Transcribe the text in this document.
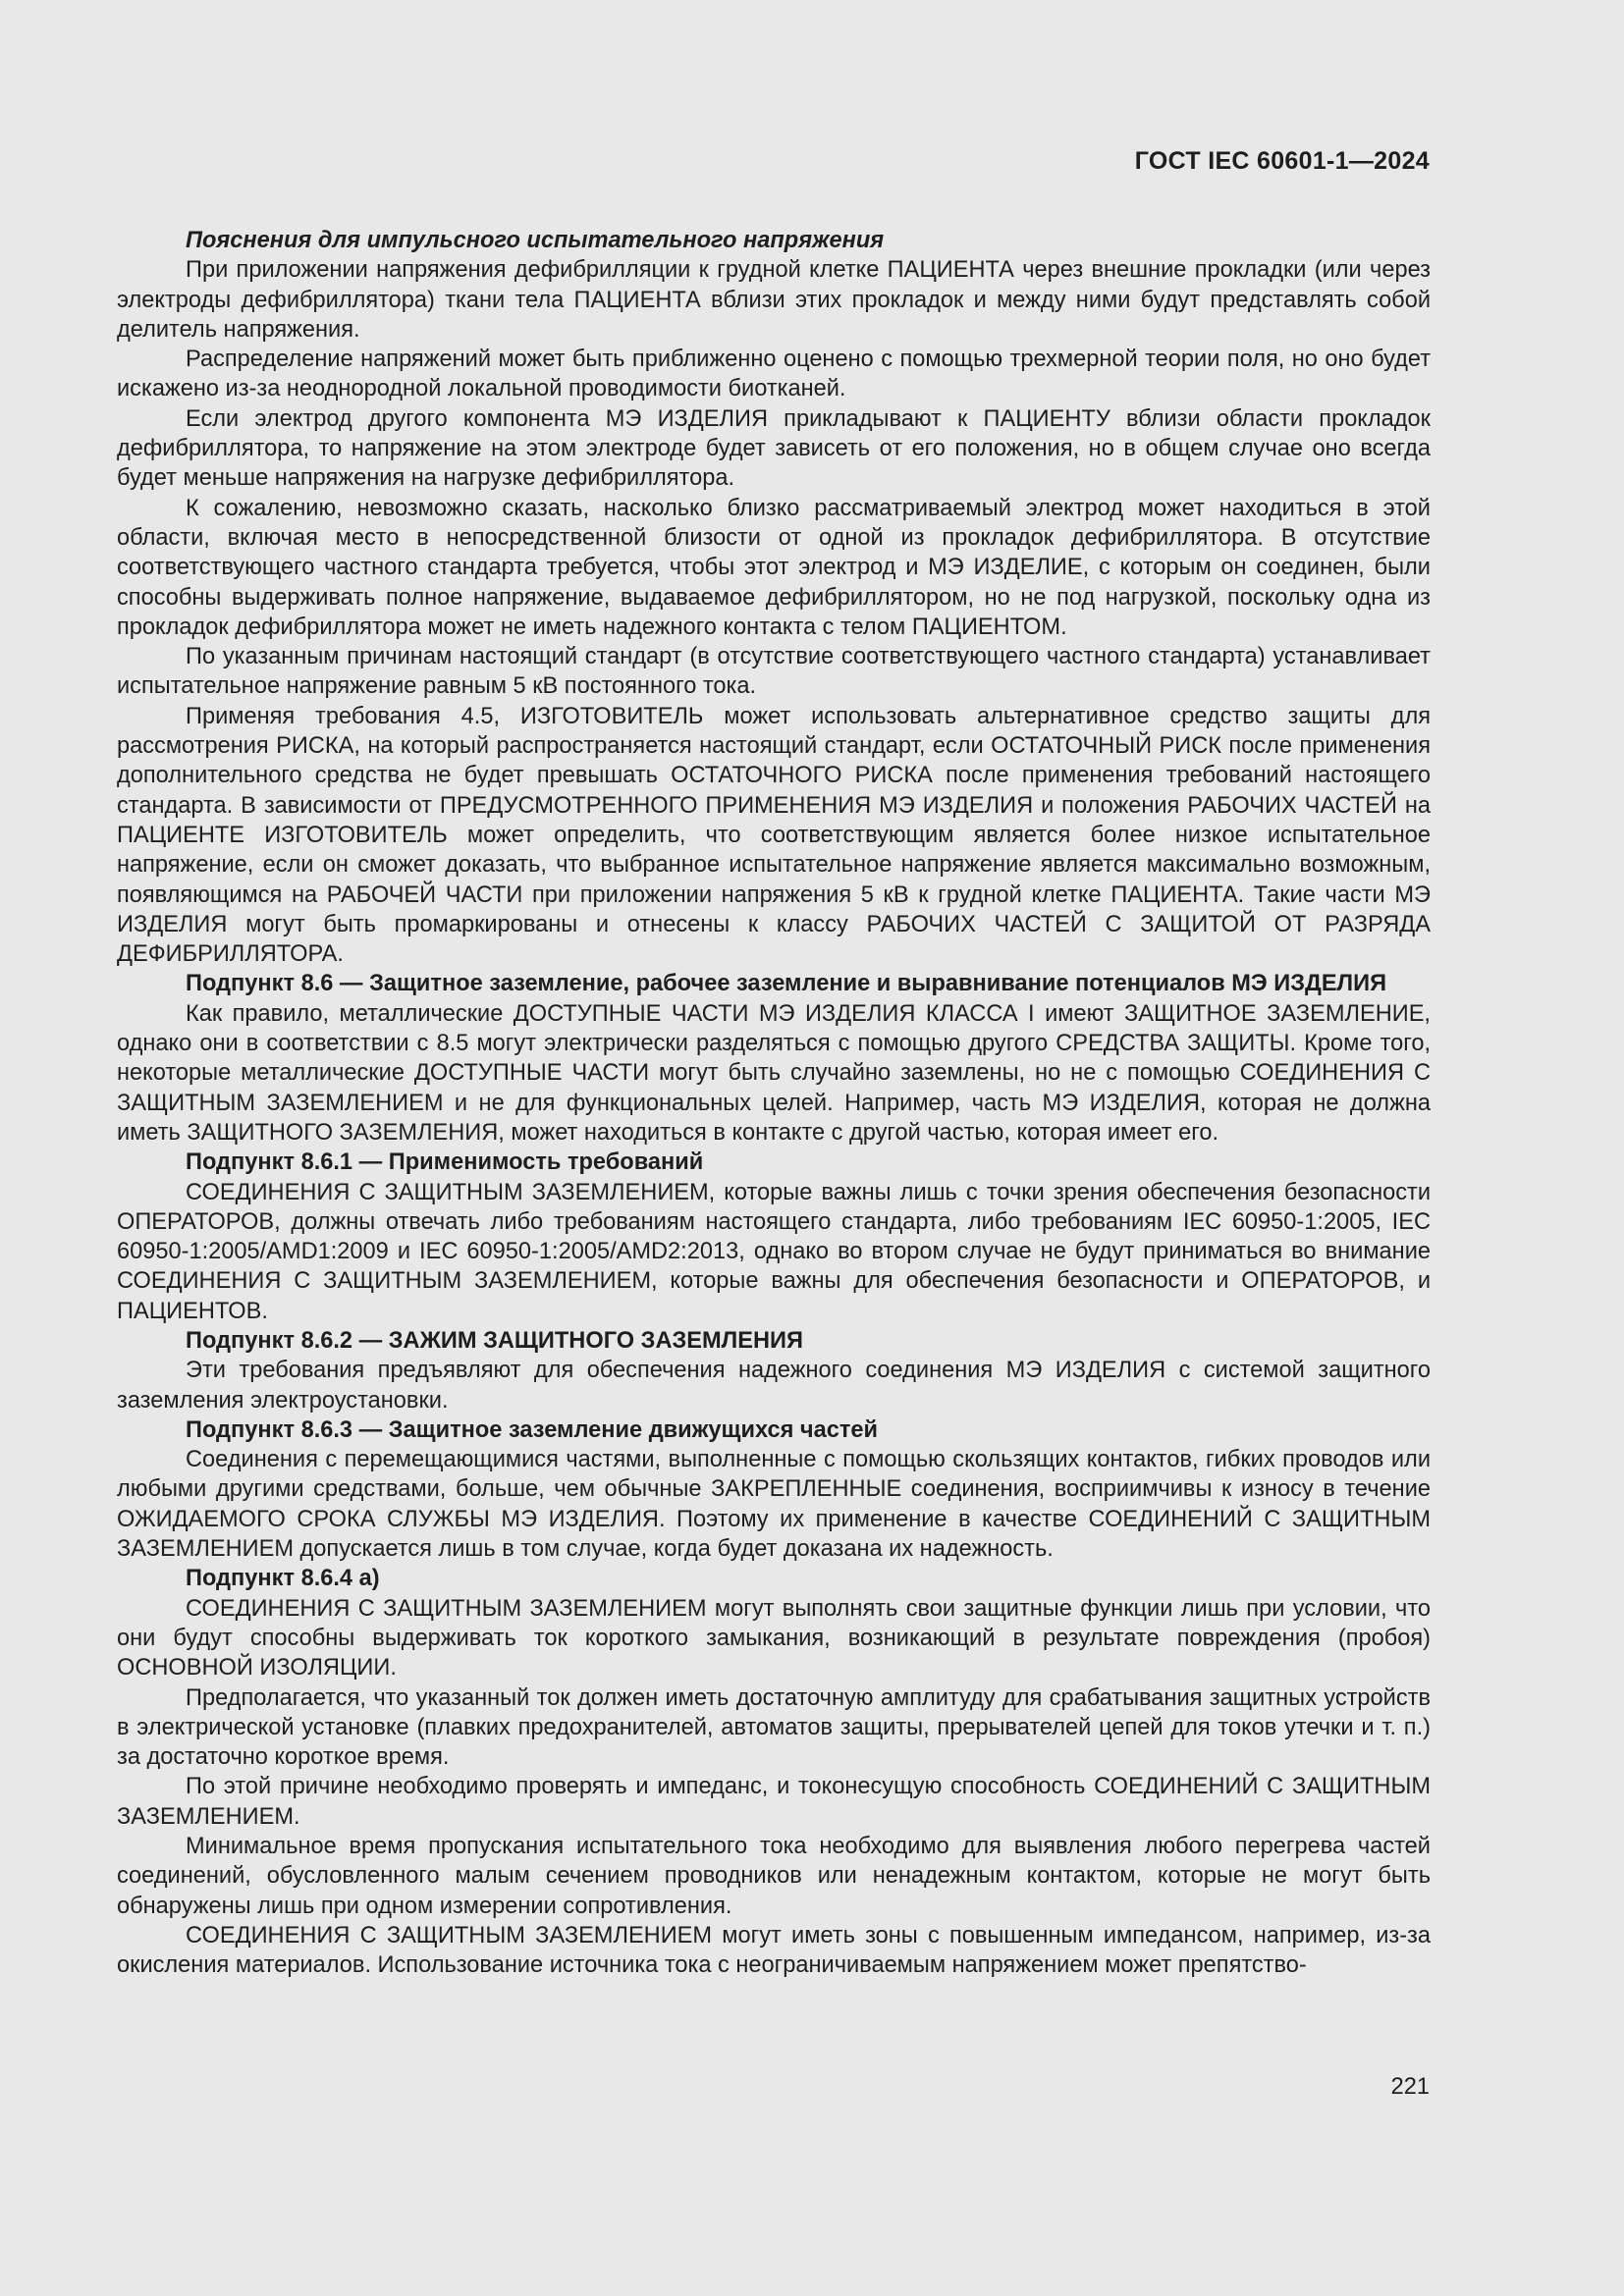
ГОСТ IEC 60601-1—2024

Пояснения для импульсного испытательного напряжения

При приложении напряжения дефибрилляции к грудной клетке ПАЦИЕНТА через внешние прокладки (или через электроды дефибриллятора) ткани тела ПАЦИЕНТА вблизи этих прокладок и между ними будут представлять собой делитель напряжения.

Распределение напряжений может быть приближенно оценено с помощью трехмерной теории поля, но оно будет искажено из-за неоднородной локальной проводимости биотканей.

Если электрод другого компонента МЭ ИЗДЕЛИЯ прикладывают к ПАЦИЕНТУ вблизи области прокладок дефибриллятора, то напряжение на этом электроде будет зависеть от его положения, но в общем случае оно всегда будет меньше напряжения на нагрузке дефибриллятора.

К сожалению, невозможно сказать, насколько близко рассматриваемый электрод может находиться в этой области, включая место в непосредственной близости от одной из прокладок дефибриллятора. В отсутствие соответствующего частного стандарта требуется, чтобы этот электрод и МЭ ИЗДЕЛИЕ, с которым он соединен, были способны выдерживать полное напряжение, выдаваемое дефибриллятором, но не под нагрузкой, поскольку одна из прокладок дефибриллятора может не иметь надежного контакта с телом ПАЦИЕНТОМ.

По указанным причинам настоящий стандарт (в отсутствие соответствующего частного стандарта) устанавливает испытательное напряжение равным 5 кВ постоянного тока.

Применяя требования 4.5, ИЗГОТОВИТЕЛЬ может использовать альтернативное средство защиты для рассмотрения РИСКА, на который распространяется настоящий стандарт, если ОСТАТОЧНЫЙ РИСК после применения дополнительного средства не будет превышать ОСТАТОЧНОГО РИСКА после применения требований настоящего стандарта. В зависимости от ПРЕДУСМОТРЕННОГО ПРИМЕНЕНИЯ МЭ ИЗДЕЛИЯ и положения РАБОЧИХ ЧАСТЕЙ на ПАЦИЕНТЕ ИЗГОТОВИТЕЛЬ может определить, что соответствующим является более низкое испытательное напряжение, если он сможет доказать, что выбранное испытательное напряжение является максимально возможным, появляющимся на РАБОЧЕЙ ЧАСТИ при приложении напряжения 5 кВ к грудной клетке ПАЦИЕНТА. Такие части МЭ ИЗДЕЛИЯ могут быть промаркированы и отнесены к классу РАБОЧИХ ЧАСТЕЙ С ЗАЩИТОЙ ОТ РАЗРЯДА ДЕФИБРИЛЛЯТОРА.

Подпункт 8.6 — Защитное заземление, рабочее заземление и выравнивание потенциалов МЭ ИЗДЕЛИЯ

Как правило, металлические ДОСТУПНЫЕ ЧАСТИ МЭ ИЗДЕЛИЯ КЛАССА I имеют ЗАЩИТНОЕ ЗАЗЕМЛЕНИЕ, однако они в соответствии с 8.5 могут электрически разделяться с помощью другого СРЕДСТВА ЗАЩИТЫ. Кроме того, некоторые металлические ДОСТУПНЫЕ ЧАСТИ могут быть случайно заземлены, но не с помощью СОЕДИНЕНИЯ С ЗАЩИТНЫМ ЗАЗЕМЛЕНИЕМ и не для функциональных целей. Например, часть МЭ ИЗДЕЛИЯ, которая не должна иметь ЗАЩИТНОГО ЗАЗЕМЛЕНИЯ, может находиться в контакте с другой частью, которая имеет его.

Подпункт 8.6.1 — Применимость требований

СОЕДИНЕНИЯ С ЗАЩИТНЫМ ЗАЗЕМЛЕНИЕМ, которые важны лишь с точки зрения обеспечения безопасности ОПЕРАТОРОВ, должны отвечать либо требованиям настоящего стандарта, либо требованиям IEC 60950-1:2005, IEC 60950-1:2005/AMD1:2009 и IEC 60950-1:2005/AMD2:2013, однако во втором случае не будут приниматься во внимание СОЕДИНЕНИЯ С ЗАЩИТНЫМ ЗАЗЕМЛЕНИЕМ, которые важны для обеспечения безопасности и ОПЕРАТОРОВ, и ПАЦИЕНТОВ.

Подпункт 8.6.2 — ЗАЖИМ ЗАЩИТНОГО ЗАЗЕМЛЕНИЯ

Эти требования предъявляют для обеспечения надежного соединения МЭ ИЗДЕЛИЯ с системой защитного заземления электроустановки.

Подпункт 8.6.3 — Защитное заземление движущихся частей

Соединения с перемещающимися частями, выполненные с помощью скользящих контактов, гибких проводов или любыми другими средствами, больше, чем обычные ЗАКРЕПЛЕННЫЕ соединения, восприимчивы к износу в течение ОЖИДАЕМОГО СРОКА СЛУЖБЫ МЭ ИЗДЕЛИЯ. Поэтому их применение в качестве СОЕДИНЕНИЙ С ЗАЩИТНЫМ ЗАЗЕМЛЕНИЕМ допускается лишь в том случае, когда будет доказана их надежность.

Подпункт 8.6.4 a)

СОЕДИНЕНИЯ С ЗАЩИТНЫМ ЗАЗЕМЛЕНИЕМ могут выполнять свои защитные функции лишь при условии, что они будут способны выдерживать ток короткого замыкания, возникающий в результате повреждения (пробоя) ОСНОВНОЙ ИЗОЛЯЦИИ.

Предполагается, что указанный ток должен иметь достаточную амплитуду для срабатывания защитных устройств в электрической установке (плавких предохранителей, автоматов защиты, прерывателей цепей для токов утечки и т. п.) за достаточно короткое время.

По этой причине необходимо проверять и импеданс, и токонесущую способность СОЕДИНЕНИЙ С ЗАЩИТНЫМ ЗАЗЕМЛЕНИЕМ.

Минимальное время пропускания испытательного тока необходимо для выявления любого перегрева частей соединений, обусловленного малым сечением проводников или ненадежным контактом, которые не могут быть обнаружены лишь при одном измерении сопротивления.

СОЕДИНЕНИЯ С ЗАЩИТНЫМ ЗАЗЕМЛЕНИЕМ могут иметь зоны с повышенным импедансом, например, из-за окисления материалов. Использование источника тока с неограничиваемым напряжением может препятство-

221
